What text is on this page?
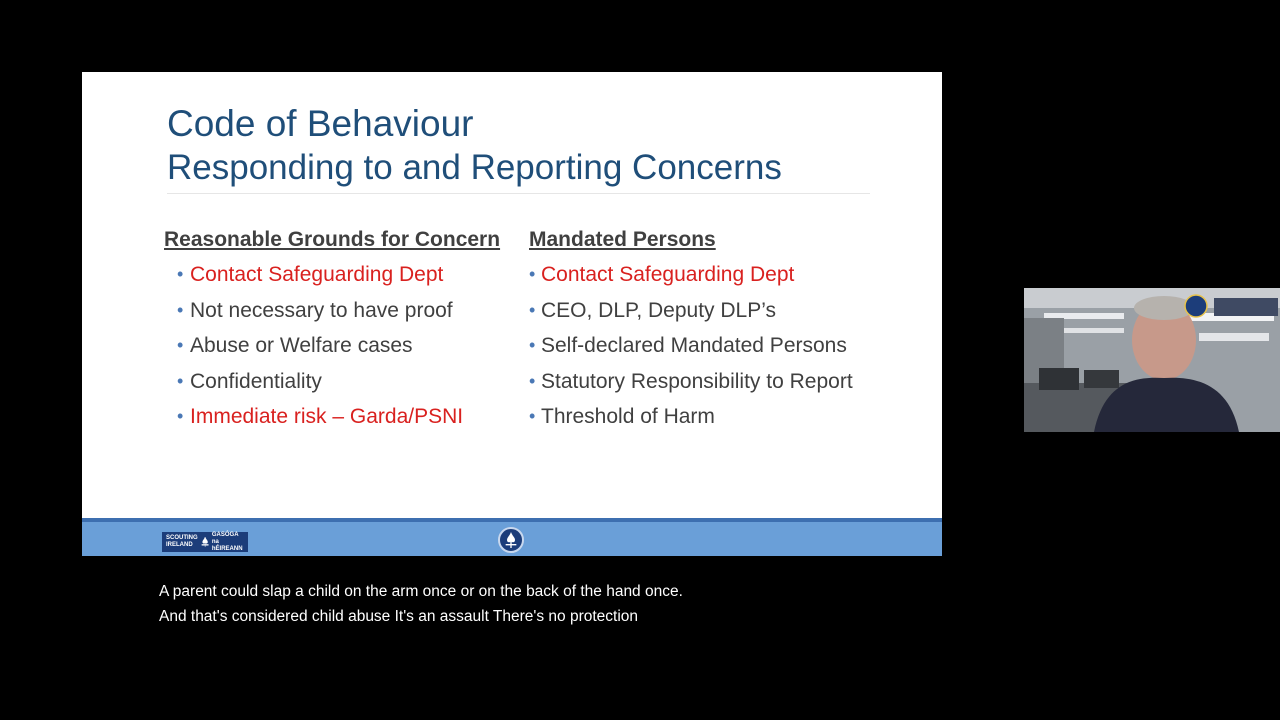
Code of Behaviour
Responding to and Reporting Concerns
Reasonable Grounds for Concern
• Contact Safeguarding Dept
• Not necessary to have proof
• Abuse or Welfare cases
• Confidentiality
• Immediate risk – Garda/PSNI
Mandated Persons
• Contact Safeguarding Dept
• CEO, DLP, Deputy DLP’s
• Self-declared Mandated Persons
• Statutory Responsibility to Report
• Threshold of Harm
SCOUTING
IRELAND
GASÓGA na
hÉIREANN
A parent could slap a child on the arm once or on the back of the hand once.
And that's considered child abuse It's an assault There's no protection
